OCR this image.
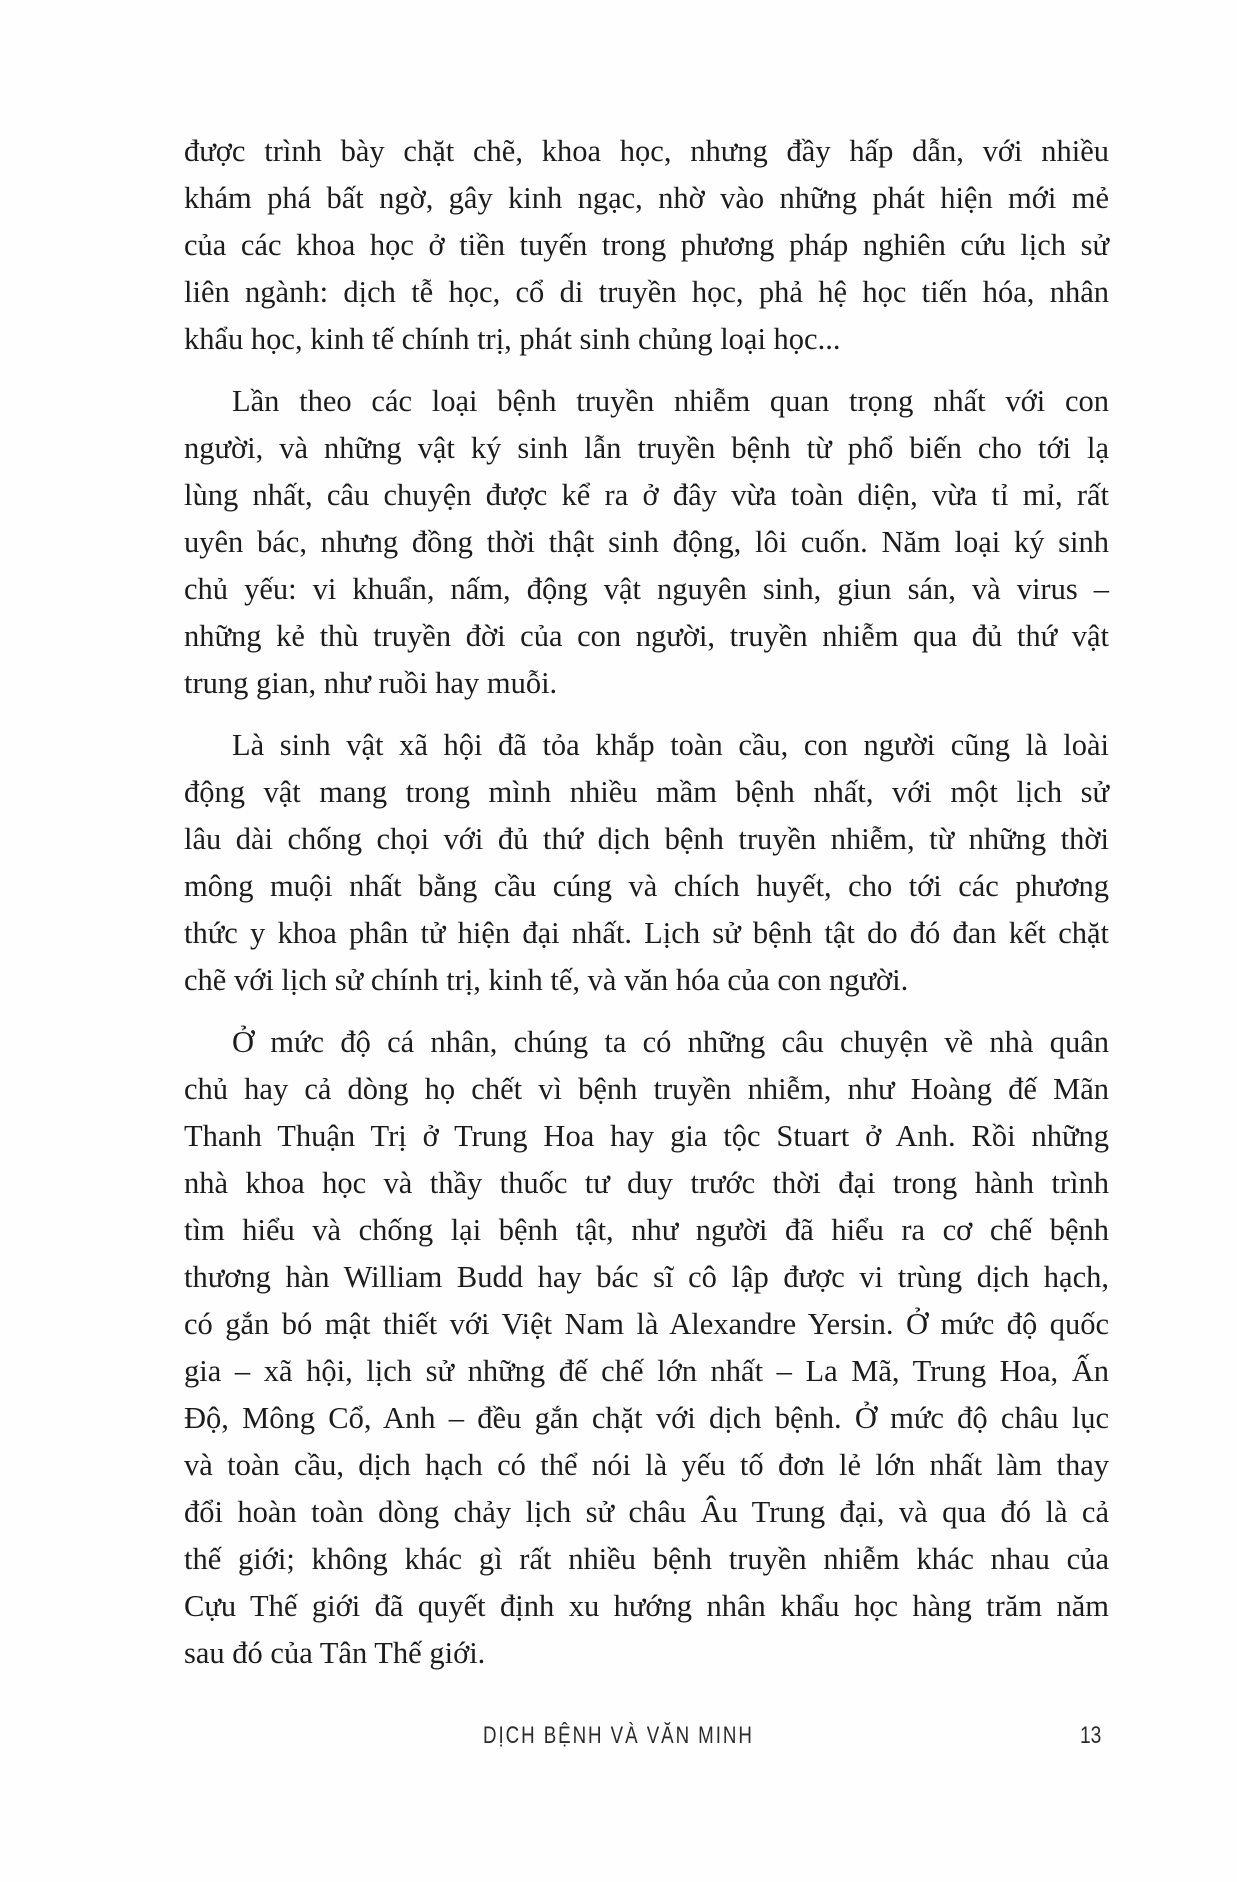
được trình bày chặt chẽ, khoa học, nhưng đầy hấp dẫn, với nhiều
khám phá bất ngờ, gây kinh ngạc, nhờ vào những phát hiện mới mẻ
của các khoa học ở tiền tuyến trong phương pháp nghiên cứu lịch sử
liên ngành: dịch tễ học, cổ di truyền học, phả hệ học tiến hóa, nhân
khẩu học, kinh tế chính trị, phát sinh chủng loại học...
Lần theo các loại bệnh truyền nhiễm quan trọng nhất với con
người, và những vật ký sinh lẫn truyền bệnh từ phổ biến cho tới lạ
lùng nhất, câu chuyện được kể ra ở đây vừa toàn diện, vừa tỉ mỉ, rất
uyên bác, nhưng đồng thời thật sinh động, lôi cuốn. Năm loại ký sinh
chủ yếu: vi khuẩn, nấm, động vật nguyên sinh, giun sán, và virus –
những kẻ thù truyền đời của con người, truyền nhiễm qua đủ thứ vật
trung gian, như ruồi hay muỗi.
Là sinh vật xã hội đã tỏa khắp toàn cầu, con người cũng là loài
động vật mang trong mình nhiều mầm bệnh nhất, với một lịch sử
lâu dài chống chọi với đủ thứ dịch bệnh truyền nhiễm, từ những thời
mông muội nhất bằng cầu cúng và chích huyết, cho tới các phương
thức y khoa phân tử hiện đại nhất. Lịch sử bệnh tật do đó đan kết chặt
chẽ với lịch sử chính trị, kinh tế, và văn hóa của con người.
Ở mức độ cá nhân, chúng ta có những câu chuyện về nhà quân
chủ hay cả dòng họ chết vì bệnh truyền nhiễm, như Hoàng đế Mãn
Thanh Thuận Trị ở Trung Hoa hay gia tộc Stuart ở Anh. Rồi những
nhà khoa học và thầy thuốc tư duy trước thời đại trong hành trình
tìm hiểu và chống lại bệnh tật, như người đã hiểu ra cơ chế bệnh
thương hàn William Budd hay bác sĩ cô lập được vi trùng dịch hạch,
có gắn bó mật thiết với Việt Nam là Alexandre Yersin. Ở mức độ quốc
gia – xã hội, lịch sử những đế chế lớn nhất – La Mã, Trung Hoa, Ấn
Độ, Mông Cổ, Anh – đều gắn chặt với dịch bệnh. Ở mức độ châu lục
và toàn cầu, dịch hạch có thể nói là yếu tố đơn lẻ lớn nhất làm thay
đổi hoàn toàn dòng chảy lịch sử châu Âu Trung đại, và qua đó là cả
thế giới; không khác gì rất nhiều bệnh truyền nhiễm khác nhau của
Cựu Thế giới đã quyết định xu hướng nhân khẩu học hàng trăm năm
sau đó của Tân Thế giới.
DỊCH BỆNH VÀ VĂN MINH	13
